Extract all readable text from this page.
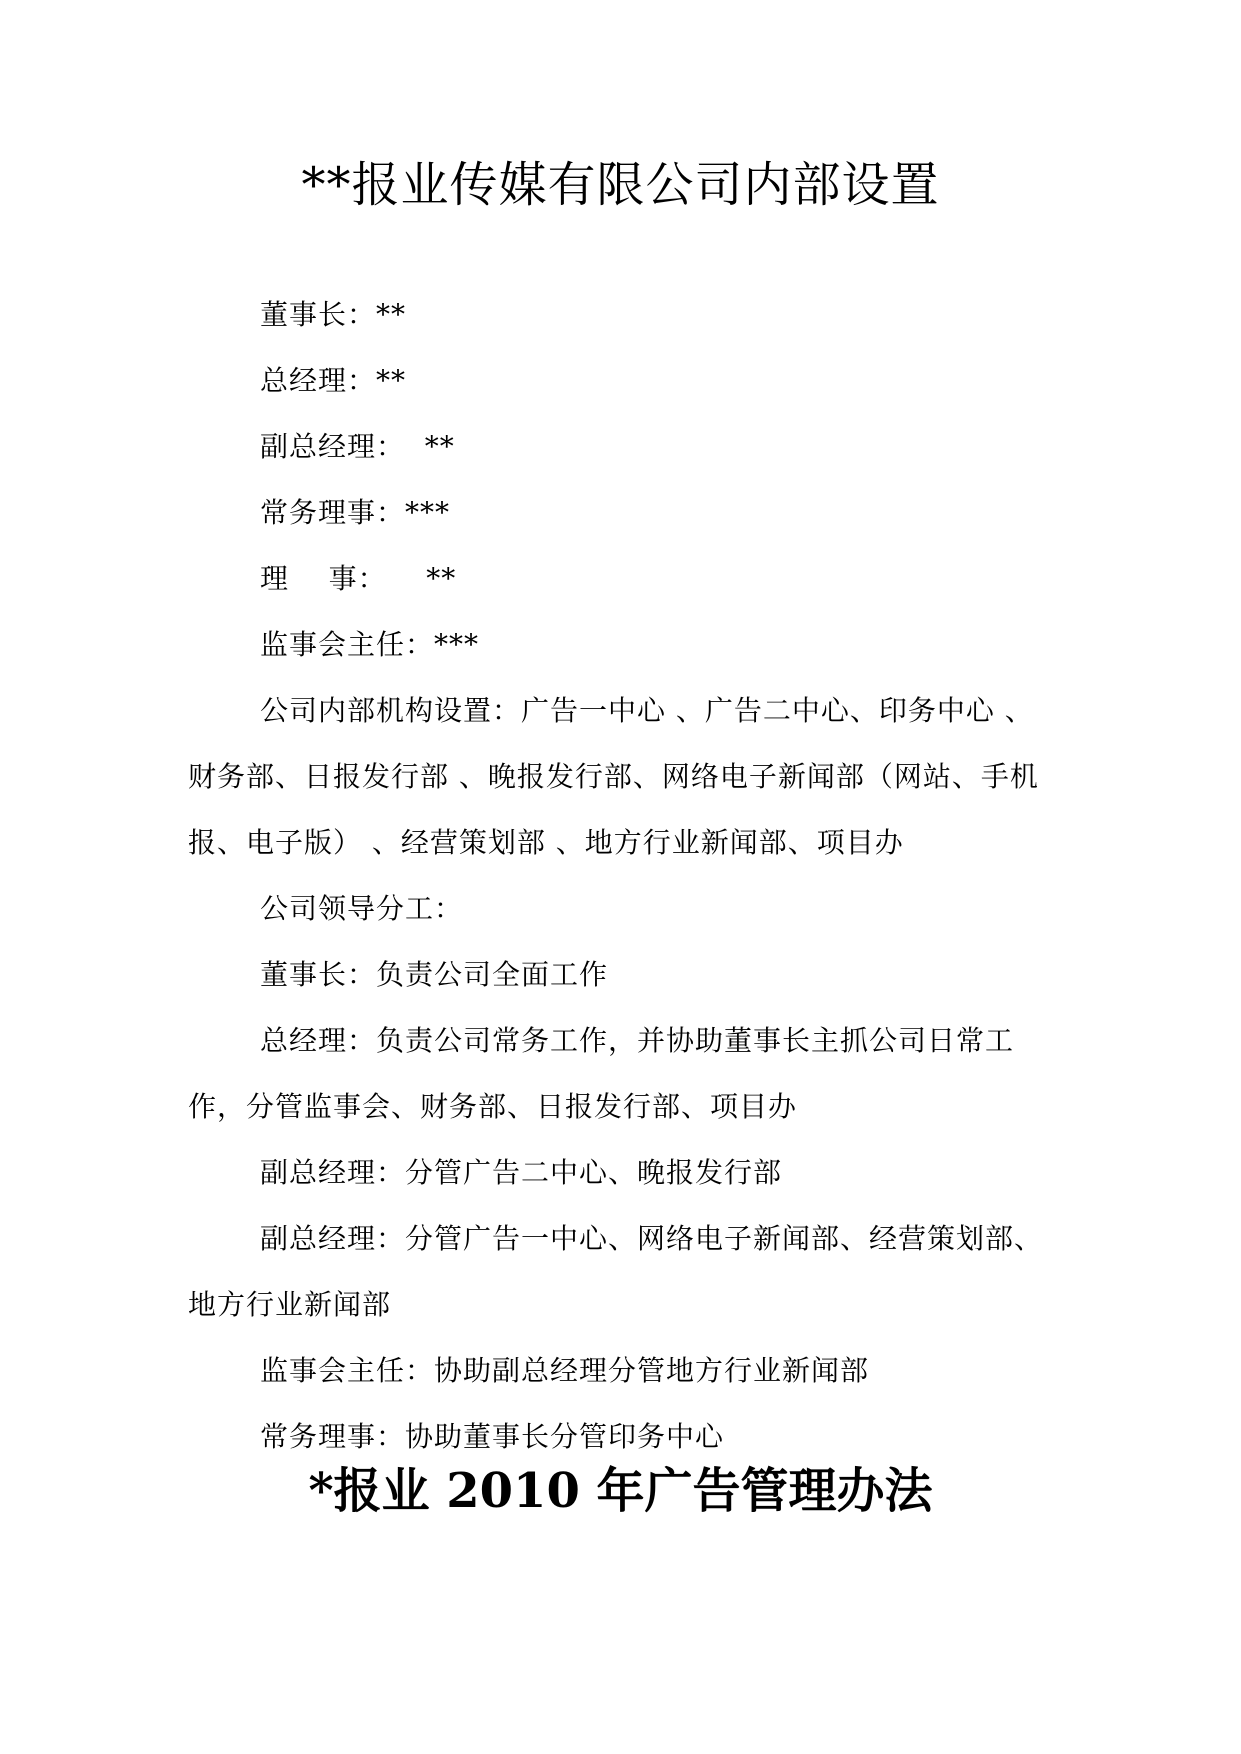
**报业传媒有限公司内部设置

董事长：**

总经理：**

副总经理：  **

常务理事：***

理    事：    **

监事会主任：***

公司内部机构设置：广告一中心 、广告二中心、印务中心 、财务部、日报发行部 、晚报发行部、网络电子新闻部（网站、手机报、电子版） 、经营策划部 、地方行业新闻部、项目办

公司领导分工：

董事长：负责公司全面工作

总经理：负责公司常务工作，并协助董事长主抓公司日常工作，分管监事会、财务部、日报发行部、项目办

副总经理：分管广告二中心、晚报发行部

副总经理：分管广告一中心、网络电子新闻部、经营策划部、地方行业新闻部

监事会主任：协助副总经理分管地方行业新闻部

常务理事：协助董事长分管印务中心

*报业 2010 年广告管理办法
